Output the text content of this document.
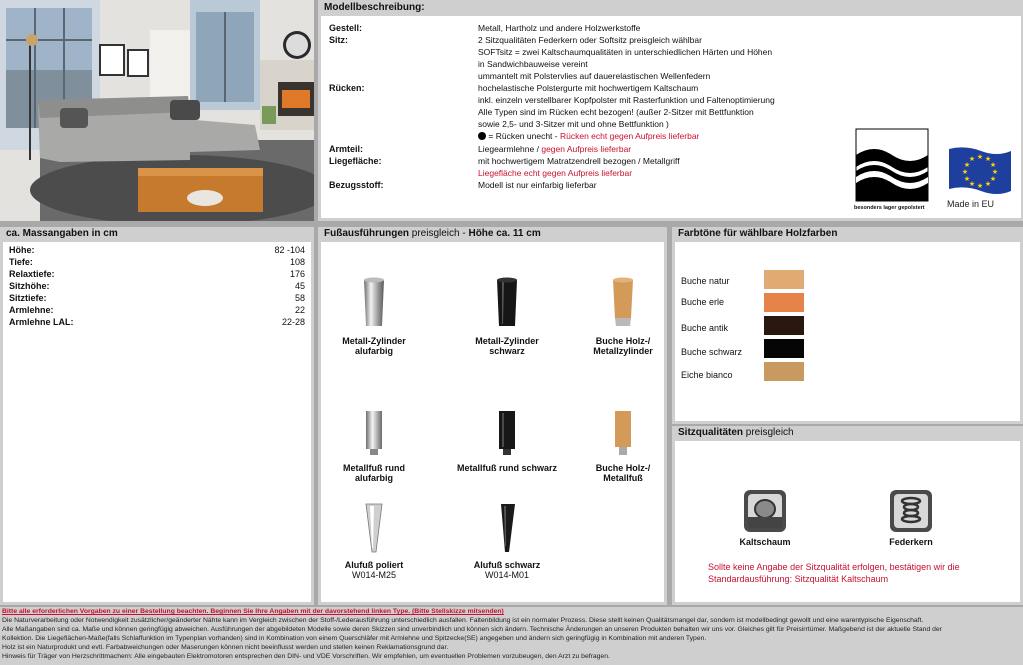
Modellbeschreibung:
Gestell:	Metall, Hartholz und andere Holzwerkstoffe
Sitz:	2 Sitzqualitäten Federkern oder Softsitz preisgleich wählbar
SOFTsitz = zwei Kaltschaumqualitäten in unterschiedlichen Härten und Höhen
in Sandwichbauweise vereint
ummantelt mit Polstervlies auf dauerelastischen Wellenfedern
Rücken:	hochelastische Polstergurte mit hochwertigem Kaltschaum
inkl. einzeln verstellbarer Kopfpolster mit Rasterfunktion und Faltenoptimierung
Alle Typen sind im Rücken echt bezogen! (außer 2-Sitzer mit Bettfunktion
sowie 2,5- und 3-Sitzer mit und ohne Bettfunktion )
= Rücken unecht - Rücken echt gegen Aufpreis lieferbar
Armteil:	Liegearmlehne / gegen Aufpreis lieferbar
Liegefläche:	mit hochwertigem Matratzendrell bezogen / Metallgriff
Liegefläche echt gegen Aufpreis lieferbar
Bezugsstoff:	Modell ist nur einfarbig lieferbar
besonders lager gepolstert
★ ★
★
★
★
★
★
★
★
★
★
★
Made in EU
ca. Massangaben in cm
Höhe:	82 -104
Tiefe:	108
Relaxtiefe:	176
Sitzhöhe:	45
Sitztiefe:	58
Armlehne:	22
Armlehne LAL:	22-28
Fußausführungen preisgleich - Höhe ca. 11 cm
Metall-Zylinder alufarbig
Metall-Zylinder schwarz
Buche Holz-/ Metallzylinder
Metallfuß rund alufarbig
Metallfuß rund schwarz	Buche Holz-/ Metallfuß
Alufuß poliert
W014-M25
Alufuß schwarz
W014-M01
Farbtöne für wählbare Holzfarben
Buche natur
Buche erle
Buche antik
Buche schwarz
Eiche bianco
Sitzqualitäten preisgleich
Kaltschaum	Federkern
Sollte keine Angabe der Sitzqualität erfolgen, bestätigen wir die
Standardausführung: Sitzqualität Kaltschaum
Bitte alle erforderlichen Vorgaben zu einer Bestellung beachten. Beginnen Sie Ihre Angaben mit der davorstehend linken Type. (Bitte Stellskizze mitsenden)
Die Naturverarbeitung oder Notwendigkeit zusätzlicher/geänderter Nähte kann im Vergleich zwischen der Stoff-/Lederausführung unterschiedlich ausfallen. Faltenbildung ist ein normaler Prozess. Diese stellt keinen Qualitätsmangel dar, sondern ist modellbedingt gewollt und eine warentypische Eigenschaft.
Alle Maßangaben sind ca. Maße und können geringfügig abweichen. Ausführungen der abgebildeten Modelle sowie deren Skizzen sind unverbindlich und können sich ändern. Technische Änderungen an unseren Produkten behalten wir uns vor. Gleiches gilt für Preisirrtümer. Maßgebend ist der aktuelle Stand der
Kollektion. Die Liegeflächen-Maße(falls Schlaffunktion im Typenplan vorhanden) sind in Kombination von einem Querschläfer mit Armlehne und Spitzecke(SE) angegeben und ändern sich geringfügig in Kombination mit anderen Typen.
Holz ist ein Naturprodukt und evtl. Farbabweichungen oder Maserungen können nicht beeinflusst werden und stellen keinen Reklamationsgrund dar.
Hinweis für Träger von Herzschrittmachern: Alle eingebauten Elektromotoren entsprechen den DIN- und VDE Vorschriften. Wir empfehlen, um eventuellen Problemen vorzubeugen, den Arzt zu befragen.
